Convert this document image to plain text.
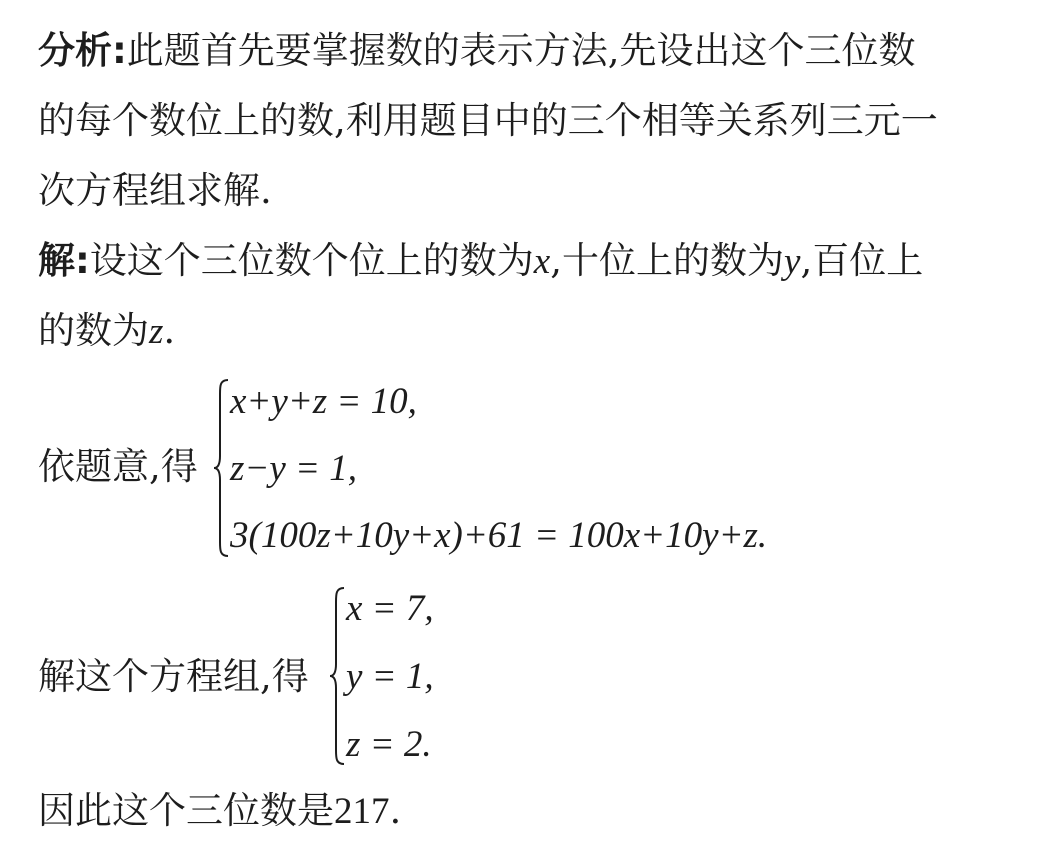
分析:此题首先要掌握数的表示方法,先设出这个三位数
的每个数位上的数,利用题目中的三个相等关系列三元一
次方程组求解.
解:设这个三位数个位上的数为x,十位上的数为y,百位上
的数为z.
依题意,得
x+y+z = 10,
z−y = 1,
3(100z+10y+x)+61 = 100x+10y+z.
解这个方程组,得
x = 7,
y = 1,
z = 2.
因此这个三位数是217.
